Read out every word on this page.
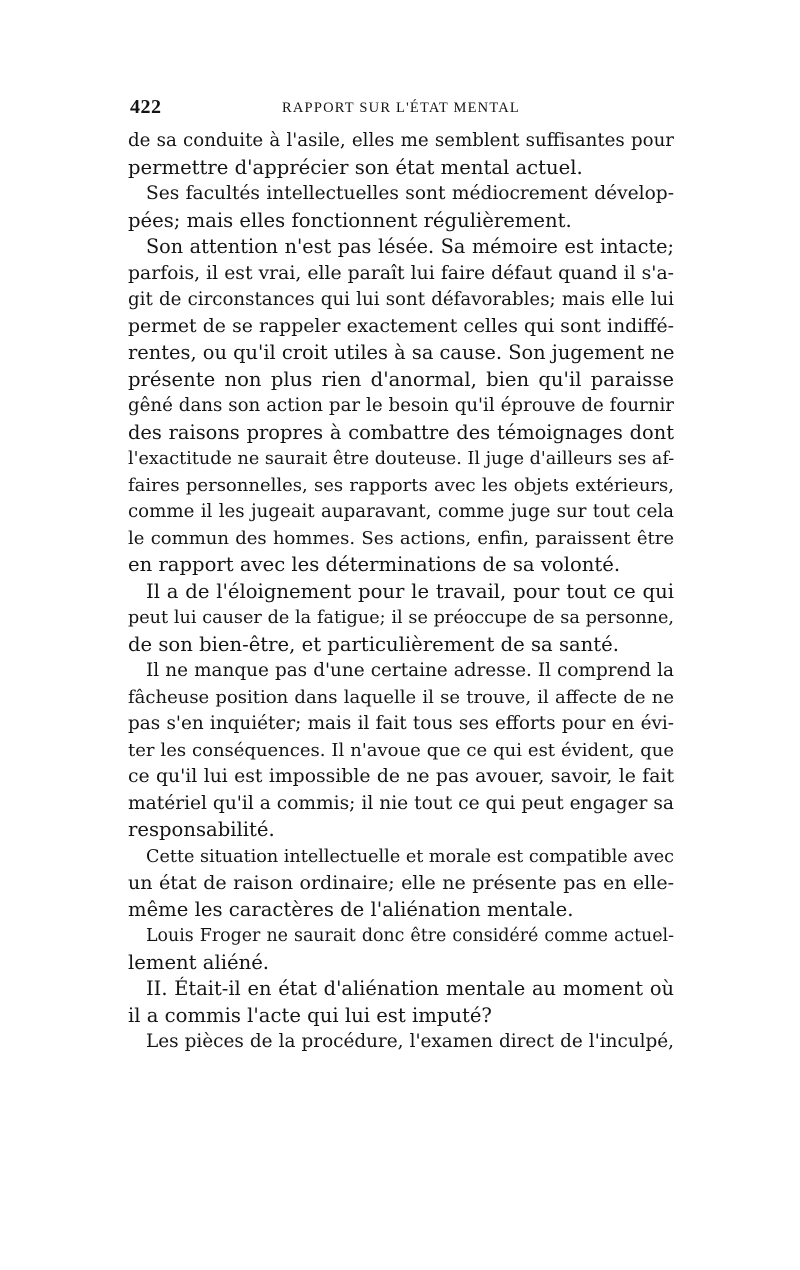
422	RAPPORT SUR L'ÉTAT MENTAL
de sa conduite à l'asile, elles me semblent suffisantes pour
permettre d'apprécier son état mental actuel.
Ses facultés intellectuelles sont médiocrement dévelop-
pées; mais elles fonctionnent régulièrement.
Son attention n'est pas lésée. Sa mémoire est intacte;
parfois, il est vrai, elle paraît lui faire défaut quand il s'a-
git de circonstances qui lui sont défavorables; mais elle lui
permet de se rappeler exactement celles qui sont indiffé-
rentes, ou qu'il croit utiles à sa cause. Son jugement ne
présente non plus rien d'anormal, bien qu'il paraisse
gêné dans son action par le besoin qu'il éprouve de fournir
des raisons propres à combattre des témoignages dont
l'exactitude ne saurait être douteuse. Il juge d'ailleurs ses af-
faires personnelles, ses rapports avec les objets extérieurs,
comme il les jugeait auparavant, comme juge sur tout cela
le commun des hommes. Ses actions, enfin, paraissent être
en rapport avec les déterminations de sa volonté.
Il a de l'éloignement pour le travail, pour tout ce qui
peut lui causer de la fatigue; il se préoccupe de sa personne,
de son bien-être, et particulièrement de sa santé.
Il ne manque pas d'une certaine adresse. Il comprend la
fâcheuse position dans laquelle il se trouve, il affecte de ne
pas s'en inquiéter; mais il fait tous ses efforts pour en évi-
ter les conséquences. Il n'avoue que ce qui est évident, que
ce qu'il lui est impossible de ne pas avouer, savoir, le fait
matériel qu'il a commis; il nie tout ce qui peut engager sa
responsabilité.
Cette situation intellectuelle et morale est compatible avec
un état de raison ordinaire; elle ne présente pas en elle-
même les caractères de l'aliénation mentale.
Louis Froger ne saurait donc être considéré comme actuel-
lement aliéné.
II. Était-il en état d'aliénation mentale au moment où
il a commis l'acte qui lui est imputé?
Les pièces de la procédure, l'examen direct de l'inculpé,
